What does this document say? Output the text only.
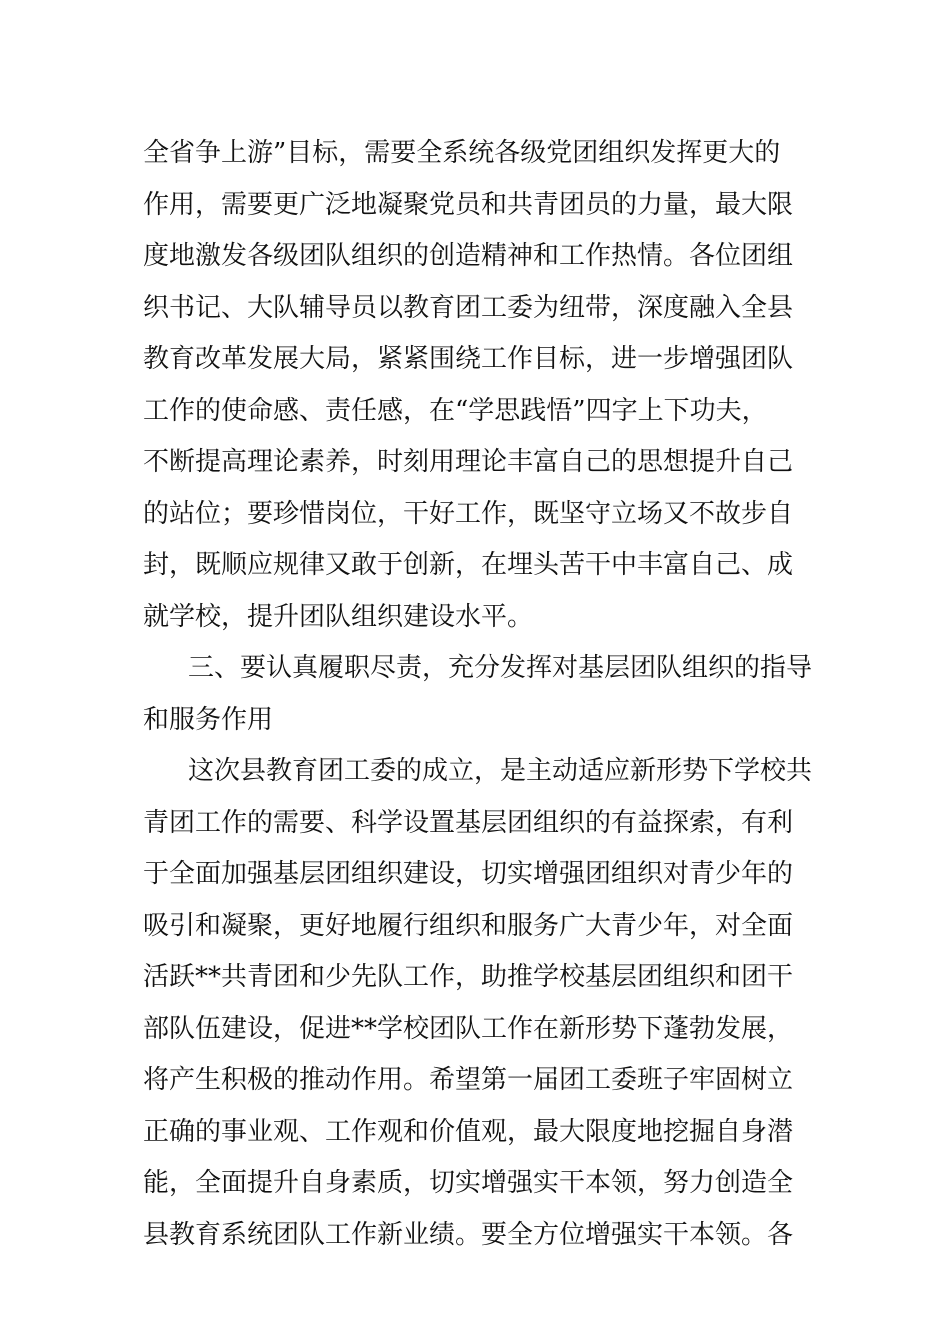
全省争上游”目标，需要全系统各级党团组织发挥更大的
作用，需要更广泛地凝聚党员和共青团员的力量，最大限
度地激发各级团队组织的创造精神和工作热情。各位团组
织书记、大队辅导员以教育团工委为纽带，深度融入全县
教育改革发展大局，紧紧围绕工作目标，进一步增强团队
工作的使命感、责任感，在“学思践悟”四字上下功夫，
不断提高理论素养，时刻用理论丰富自己的思想提升自己
的站位；要珍惜岗位，干好工作，既坚守立场又不故步自
封，既顺应规律又敢于创新，在埋头苦干中丰富自己、成
就学校，提升团队组织建设水平。
三、要认真履职尽责，充分发挥对基层团队组织的指导
和服务作用
这次县教育团工委的成立，是主动适应新形势下学校共
青团工作的需要、科学设置基层团组织的有益探索，有利
于全面加强基层团组织建设，切实增强团组织对青少年的
吸引和凝聚，更好地履行组织和服务广大青少年，对全面
活跃**共青团和少先队工作，助推学校基层团组织和团干
部队伍建设，促进**学校团队工作在新形势下蓬勃发展，
将产生积极的推动作用。希望第一届团工委班子牢固树立
正确的事业观、工作观和价值观，最大限度地挖掘自身潜
能，全面提升自身素质，切实增强实干本领，努力创造全
县教育系统团队工作新业绩。要全方位增强实干本领。各
